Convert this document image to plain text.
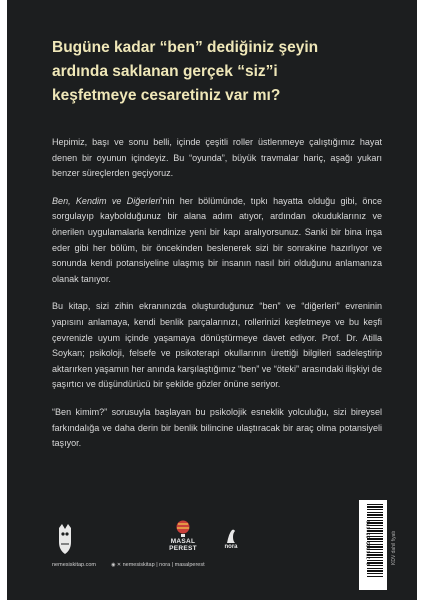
Bugüne kadar “ben” dediğiniz şeyin
ardında saklanan gerçek “siz”i
keşfetmeye cesaretiniz var mı?

Hepimiz, başı ve sonu belli, içinde çeşitli roller üstlenmeye çalıştığımız hayat denen bir oyunun içindeyiz. Bu “oyunda”, büyük travmalar hariç, aşağı yukarı benzer süreçlerden geçiyoruz.

Ben, Kendim ve Diğerleri’nin her bölümünde, tıpkı hayatta olduğu gibi, önce sorgulayıp kaybolduğunuz bir alana adım atıyor, ardından okuduklarınız ve önerilen uygulamalarla kendinize yeni bir kapı aralıyorsunuz. Sanki bir bina inşa eder gibi her bölüm, bir öncekinden beslenerek sizi bir sonrakine hazırlıyor ve sonunda kendi potansiyeline ulaşmış bir insanın nasıl biri olduğunu anlamanıza olanak tanıyor.

Bu kitap, sizi zihin ekranınızda oluşturduğunuz “ben” ve “diğerleri” evreninin yapısını anlamaya, kendi benlik parçalarınızı, rollerinizi keşfetmeye ve bu keşfi çevrenizle uyum içinde yaşamaya dönüştürmeye davet ediyor. Prof. Dr. Atilla Soykan; psikoloji, felsefe ve psikoterapi okullarının ürettiği bilgileri sadeleştirip aktarırken yaşamın her anında karşılaştığımız “ben” ve “öteki” arasındaki ilişkiyi de şaşırtıcı ve düşündürücü bir şekilde gözler önüne seriyor.

“Ben kimim?” sorusuyla başlayan bu psikolojik esneklik yolculuğu, sizi bireysel farkındalığa ve daha derin bir benlik bilincine ulaştıracak bir araç olma potansiyeli taşıyor.

MASAL
PEREST	nora
nemesiskitap.com	◉ ✕ nemesiskitap | nora | masalperest	9 786255 551678	KDV dahil fiyatı
